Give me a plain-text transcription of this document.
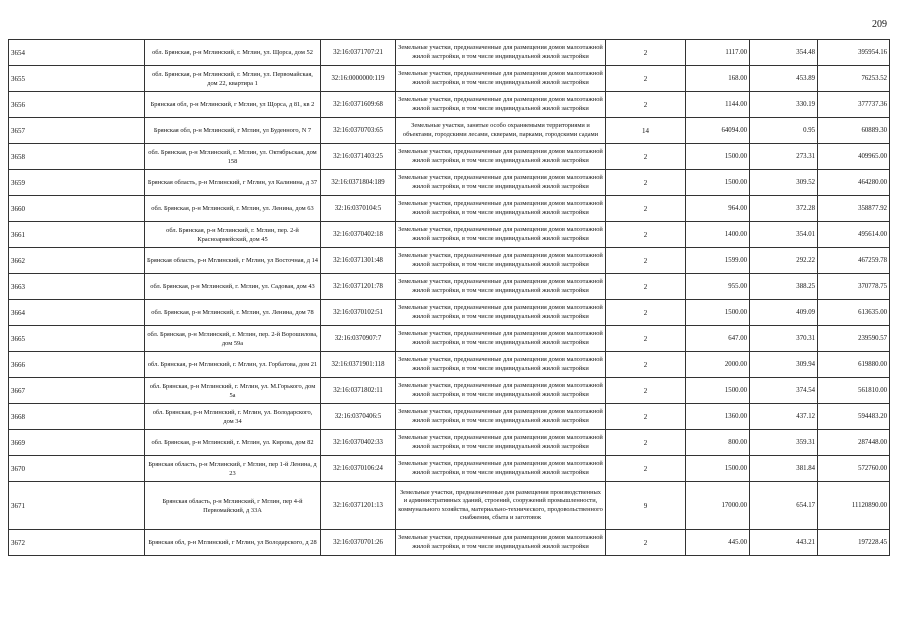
209
3654	обл. Брянская, р-н Мглинский, г. Мглин, ул. Щорса, дом 52	32:16:0371707:21	Земельные участки, предназначенные для размещения домов малоэтажной жилой застройки, в том числе индивидуальной жилой застройки	2	1117.00	354.48	395954.16
3655	обл. Брянская, р-н Мглинский, г. Мглин, ул. Первомайская, дом 22, квартира 1	32:16:0000000:119	Земельные участки, предназначенные для размещения домов малоэтажной жилой застройки, в том числе индивидуальной жилой застройки	2	168.00	453.89	76253.52
3656	Брянская обл, р-н Мглинский, г Мглин, ул Щорса, д 81, кв 2	32:16:0371609:68	Земельные участки, предназначенные для размещения домов малоэтажной жилой застройки, в том числе индивидуальной жилой застройки	2	1144.00	330.19	377737.36
3657	Брянская обл, р-н Мглинский, г Мглин, ул Буденного, N 7	32:16:0370703:65	Земельные участки, занятые особо охраняемыми территориями и объектами, городскими лесами, скверами, парками, городскими садами	14	64094.00	0.95	60889.30
3658	обл. Брянская, р-н Мглинский, г. Мглин, ул. Октябрьская, дом 158	32:16:0371403:25	Земельные участки, предназначенные для размещения домов малоэтажной жилой застройки, в том числе индивидуальной жилой застройки	2	1500.00	273.31	409965.00
3659	Брянская область, р-н Мглинский, г Мглин, ул Калинина, д 37	32:16:0371804:189	Земельные участки, предназначенные для размещения домов малоэтажной жилой застройки, в том числе индивидуальной жилой застройки	2	1500.00	309.52	464280.00
3660	обл. Брянская, р-н Мглинский, г. Мглин, ул. Ленина, дом 63	32:16:0370104:5	Земельные участки, предназначенные для размещения домов малоэтажной жилой застройки, в том числе индивидуальной жилой застройки	2	964.00	372.28	358877.92
3661	обл. Брянская, р-н Мглинский, г. Мглин, пер. 2-й Красноармейский, дом 45	32:16:0370402:18	Земельные участки, предназначенные для размещения домов малоэтажной жилой застройки, в том числе индивидуальной жилой застройки	2	1400.00	354.01	495614.00
3662	Брянская область, р-н Мглинский, г Мглин, ул Восточная, д 14	32:16:0371301:48	Земельные участки, предназначенные для размещения домов малоэтажной жилой застройки, в том числе индивидуальной жилой застройки	2	1599.00	292.22	467259.78
3663	обл. Брянская, р-н Мглинский, г. Мглин, ул. Садовая, дом 43	32:16:0371201:78	Земельные участки, предназначенные для размещения домов малоэтажной жилой застройки, в том числе индивидуальной жилой застройки	2	955.00	388.25	370778.75
3664	обл. Брянская, р-н Мглинский, г. Мглин, ул. Ленина, дом 78	32:16:0370102:51	Земельные участки, предназначенные для размещения домов малоэтажной жилой застройки, в том числе индивидуальной жилой застройки	2	1500.00	409.09	613635.00
3665	обл. Брянская, р-н Мглинский, г. Мглин, пер. 2-й Ворошилова, дом 59а	32:16:0370907:7	Земельные участки, предназначенные для размещения домов малоэтажной жилой застройки, в том числе индивидуальной жилой застройки	2	647.00	370.31	239590.57
3666	обл. Брянская, р-н Мглинский, г. Мглин, ул. Горбатова, дом 21	32:16:0371901:118	Земельные участки, предназначенные для размещения домов малоэтажной жилой застройки, в том числе индивидуальной жилой застройки	2	2000.00	309.94	619880.00
3667	обл. Брянская, р-н Мглинский, г. Мглин, ул. М.Горького, дом 5а	32:16:0371802:11	Земельные участки, предназначенные для размещения домов малоэтажной жилой застройки, в том числе индивидуальной жилой застройки	2	1500.00	374.54	561810.00
3668	обл. Брянская, р-н Мглинский, г. Мглин, ул. Володарского, дом 34	32:16:0370406:5	Земельные участки, предназначенные для размещения домов малоэтажной жилой застройки, в том числе индивидуальной жилой застройки	2	1360.00	437.12	594483.20
3669	обл. Брянская, р-н Мглинский, г. Мглин, ул. Кирова, дом 82	32:16:0370402:33	Земельные участки, предназначенные для размещения домов малоэтажной жилой застройки, в том числе индивидуальной жилой застройки	2	800.00	359.31	287448.00
3670	Брянская область, р-н Мглинский, г Мглин, пер 1-й Ленина, д 23	32:16:0370106:24	Земельные участки, предназначенные для размещения домов малоэтажной жилой застройки, в том числе индивидуальной жилой застройки	2	1500.00	381.84	572760.00
3671	Брянская область, р-н Мглинский, г Мглин, пер 4-й Первомайский, д 33А	32:16:0371201:13	Земельные участки, предназначенные для размещения производственных и административных зданий, строений, сооружений промышленности, коммунального хозяйства, материально-технического, продовольственного снабжения, сбыта и заготовок	9	17000.00	654.17	11120890.00
3672	Брянская обл, р-н Мглинский, г Мглин, ул Володарского, д 28	32:16:0370701:26	Земельные участки, предназначенные для размещения домов малоэтажной жилой застройки, в том числе индивидуальной жилой застройки	2	445.00	443.21	197228.45
